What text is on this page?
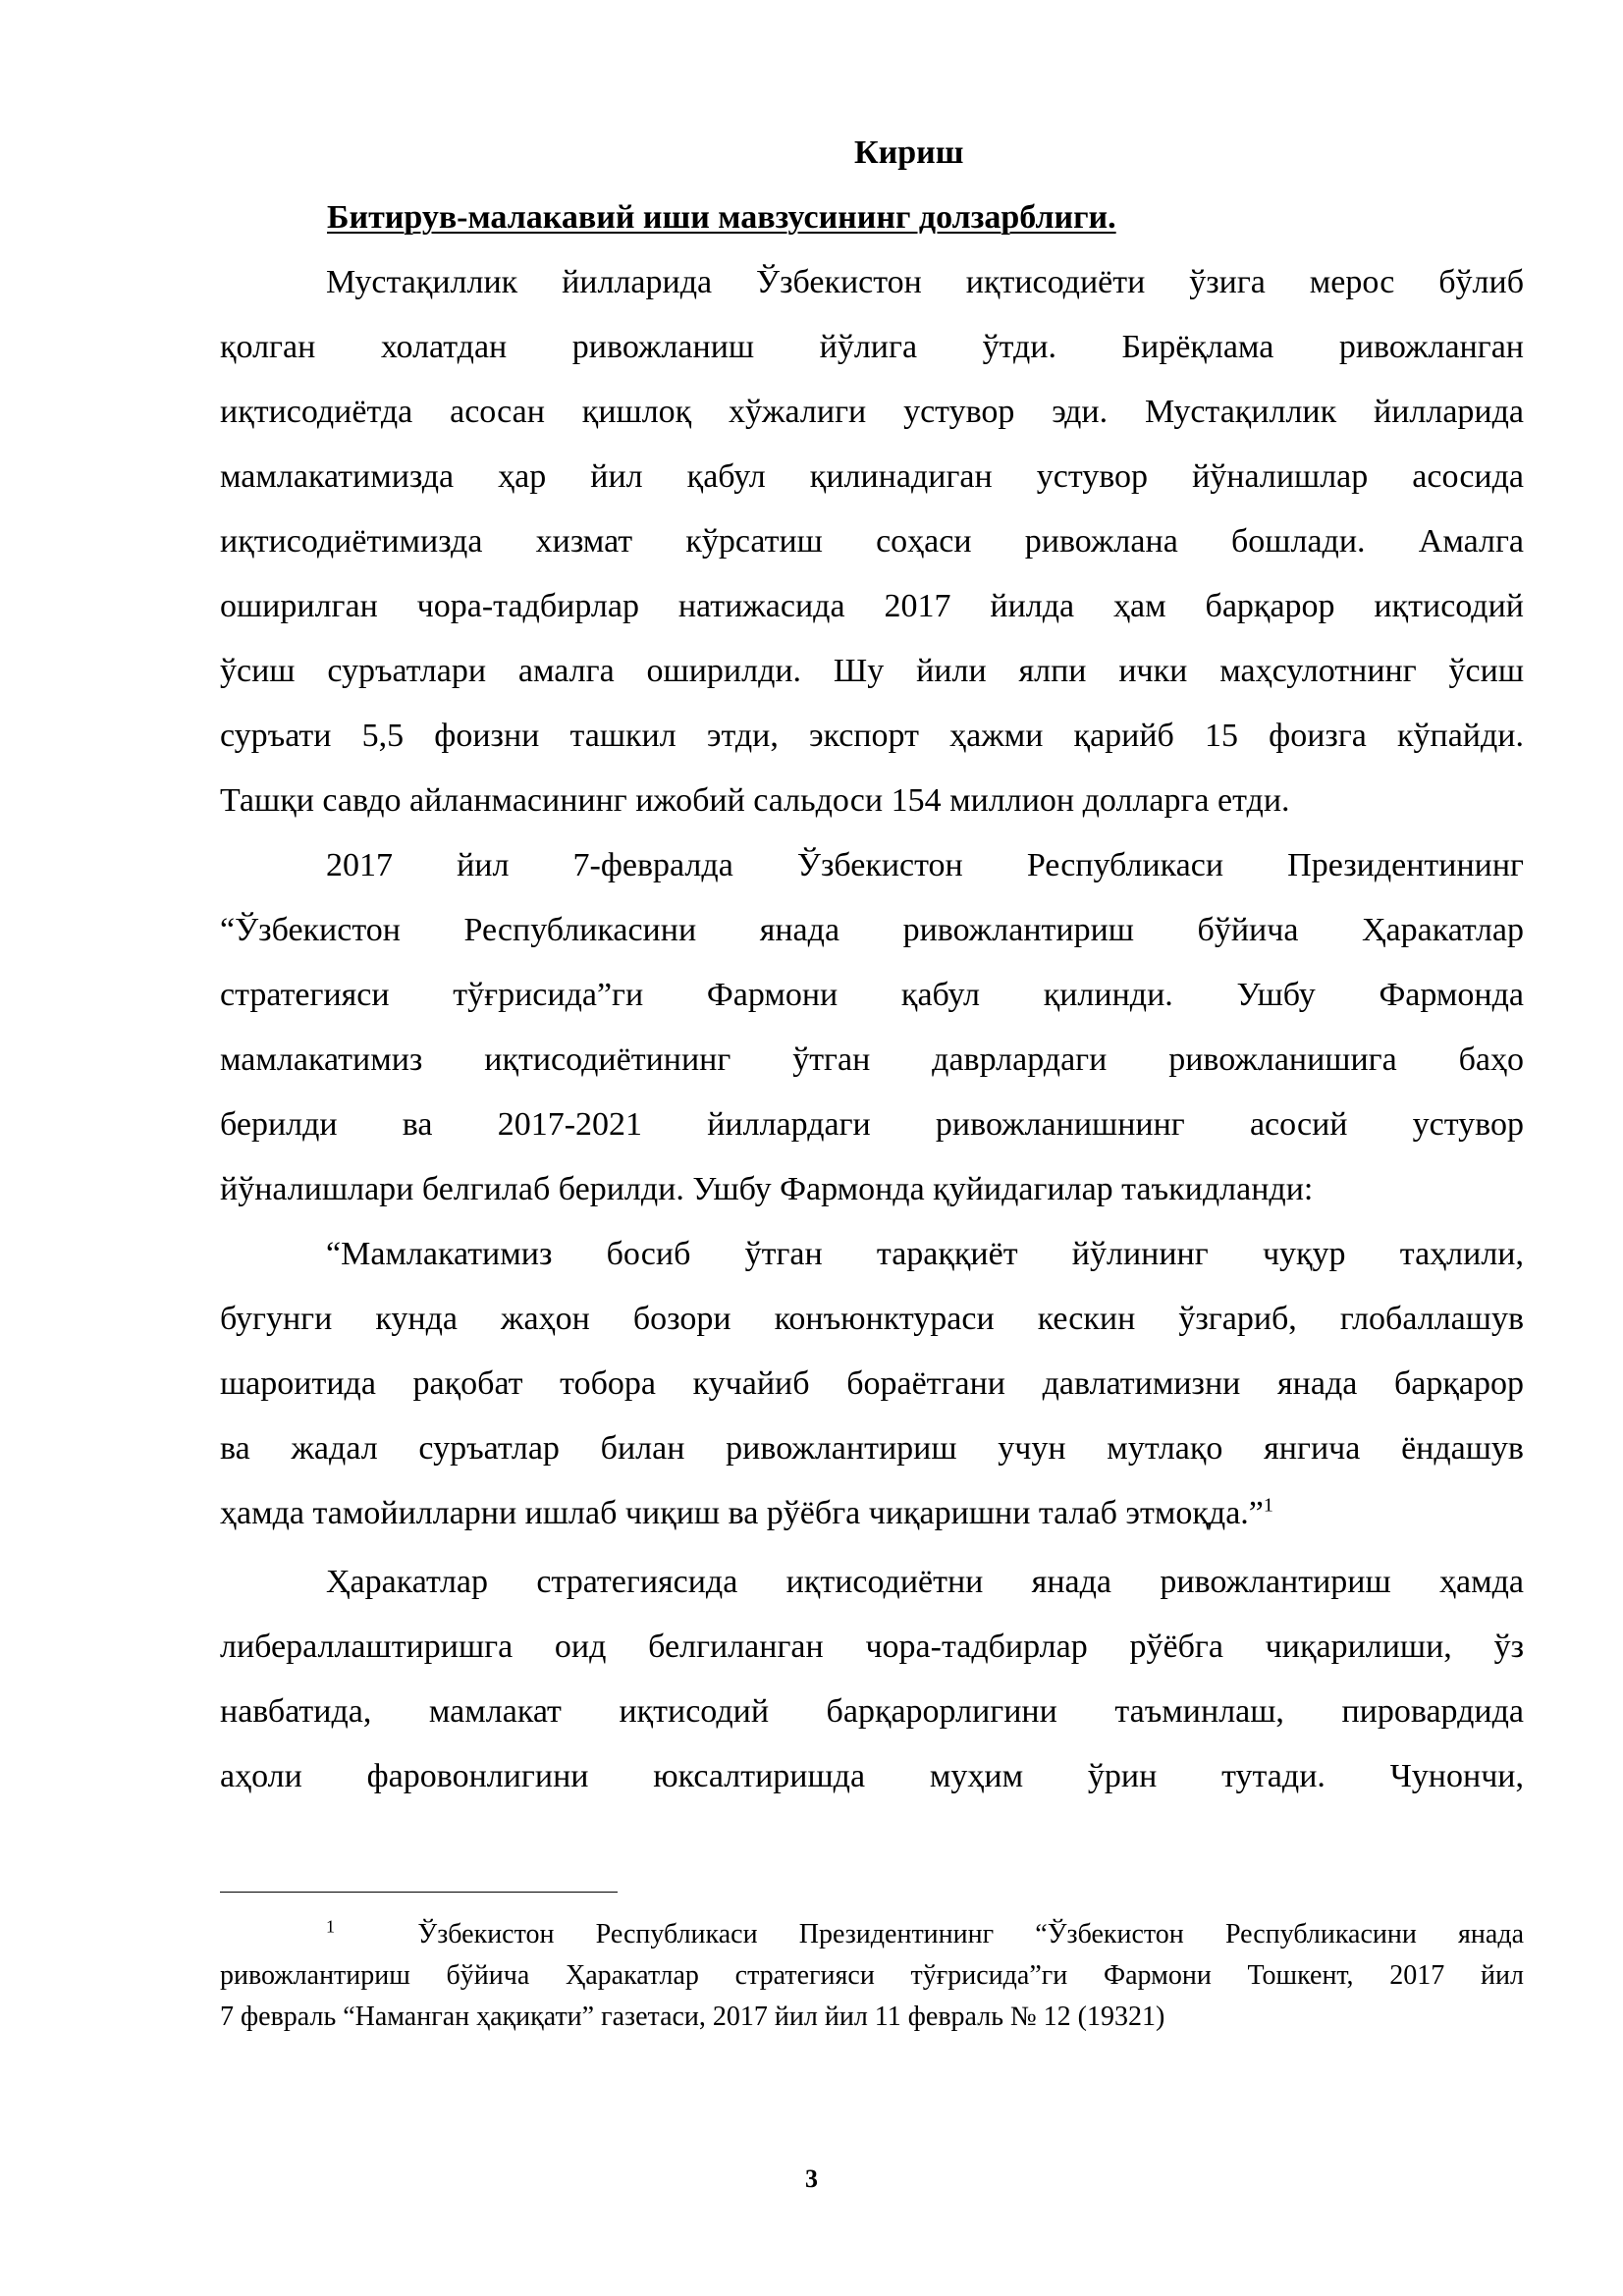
Кириш
Битирув-малакавий иши мавзусининг долзарблиги.
Мустақиллик йилларида Ўзбекистон иқтисодиёти ўзига мерос бўлиб
қолган холатдан ривожланиш йўлига ўтди. Бирёқлама ривожланган
иқтисодиётда асосан қишлоқ хўжалиги устувор эди. Мустақиллик йилларида
мамлакатимизда ҳар йил қабул қилинадиган устувор йўналишлар асосида
иқтисодиётимизда хизмат кўрсатиш соҳаси ривожлана бошлади. Амалга
оширилган чора-тадбирлар натижасида 2017 йилда ҳам барқарор иқтисодий
ўсиш суръатлари амалга оширилди. Шу йили ялпи ички маҳсулотнинг ўсиш
суръати 5,5 фоизни ташкил этди, экспорт ҳажми қарийб 15 фоизга кўпайди.
Ташқи савдо айланмасининг ижобий сальдоси 154 миллион долларга етди.
2017 йил 7-февралда Ўзбекистон Республикаси Президентининг
“Ўзбекистон Республикасини янада ривожлантириш бўйича Ҳаракатлар
стратегияси тўғрисида”ги Фармони қабул қилинди. Ушбу Фармонда
мамлакатимиз иқтисодиётининг ўтган даврлардаги ривожланишига баҳо
берилди ва 2017-2021 йиллардаги ривожланишнинг асосий устувор
йўналишлари белгилаб берилди. Ушбу Фармонда қуйидагилар таъкидланди:
“Мамлакатимиз босиб ўтган тараққиёт йўлининг чуқур таҳлили,
бугунги кунда жаҳон бозори конъюнктураси кескин ўзгариб, глобаллашув
шароитида рақобат тобора кучайиб бораётгани давлатимизни янада барқарор
ва жадал суръатлар билан ривожлантириш учун мутлақо янгича ёндашув
ҳамда тамойилларни ишлаб чиқиш ва рўёбга чиқаришни талаб этмоқда.”$^1$
Ҳаракатлар стратегиясида иқтисодиётни янада ривожлантириш ҳамда
либераллаштиришга оид белгиланган чора-тадбирлар рўёбга чиқарилиши, ўз
навбатида, мамлакат иқтисодий барқарорлигини таъминлаш, пировардида
аҳоли фаровонлигини юксалтиришда муҳим ўрин тутади. Чунончи,
$^1$	Ўзбекистон Республикаси Президентининг “Ўзбекистон Республикасини янада
ривожлантириш бўйича Ҳаракатлар стратегияси тўғрисида”ги Фармони Тошкент, 2017 йил
7 февраль “Наманган ҳақиқати” газетаси, 2017 йил йил 11 февраль № 12 (19321)
3
